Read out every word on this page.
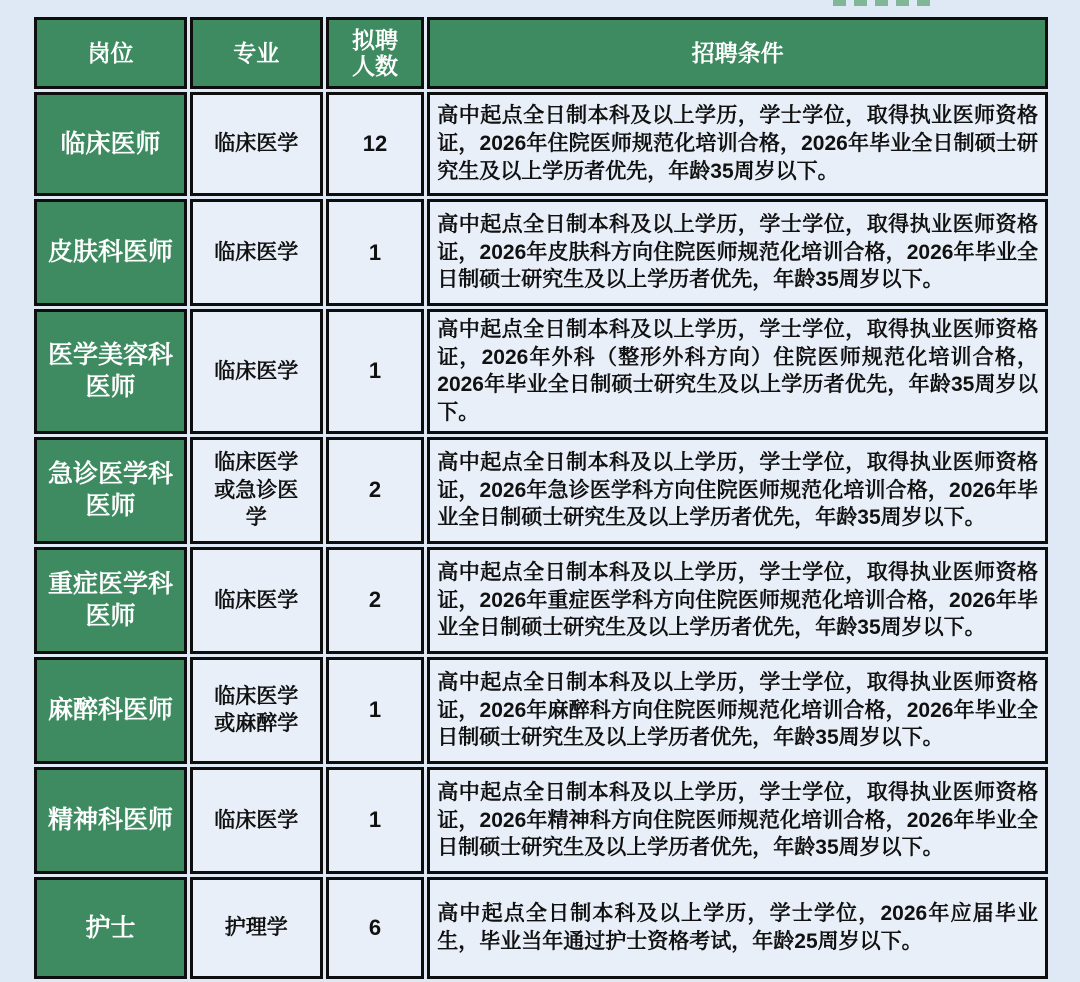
岗位	专业	拟聘人数	招聘条件
临床医师	临床医学	12	高中起点全日制本科及以上学历，学士学位，取得执业医师资格证，2026年住院医师规范化培训合格，2026年毕业全日制硕士研究生及以上学历者优先，年龄35周岁以下。
皮肤科医师	临床医学	1	高中起点全日制本科及以上学历，学士学位，取得执业医师资格证，2026年皮肤科方向住院医师规范化培训合格，2026年毕业全日制硕士研究生及以上学历者优先，年龄35周岁以下。
医学美容科医师	临床医学	1	高中起点全日制本科及以上学历，学士学位，取得执业医师资格证，2026年外科（整形外科方向）住院医师规范化培训合格，2026年毕业全日制硕士研究生及以上学历者优先，年龄35周岁以下。
急诊医学科医师	临床医学或急诊医学	2	高中起点全日制本科及以上学历，学士学位，取得执业医师资格证，2026年急诊医学科方向住院医师规范化培训合格，2026年毕业全日制硕士研究生及以上学历者优先，年龄35周岁以下。
重症医学科医师	临床医学	2	高中起点全日制本科及以上学历，学士学位，取得执业医师资格证，2026年重症医学科方向住院医师规范化培训合格，2026年毕业全日制硕士研究生及以上学历者优先，年龄35周岁以下。
麻醉科医师	临床医学或麻醉学	1	高中起点全日制本科及以上学历，学士学位，取得执业医师资格证，2026年麻醉科方向住院医师规范化培训合格，2026年毕业全日制硕士研究生及以上学历者优先，年龄35周岁以下。
精神科医师	临床医学	1	高中起点全日制本科及以上学历，学士学位，取得执业医师资格证，2026年精神科方向住院医师规范化培训合格，2026年毕业全日制硕士研究生及以上学历者优先，年龄35周岁以下。
护士	护理学	6	高中起点全日制本科及以上学历，学士学位，2026年应届毕业生，毕业当年通过护士资格考试，年龄25周岁以下。
